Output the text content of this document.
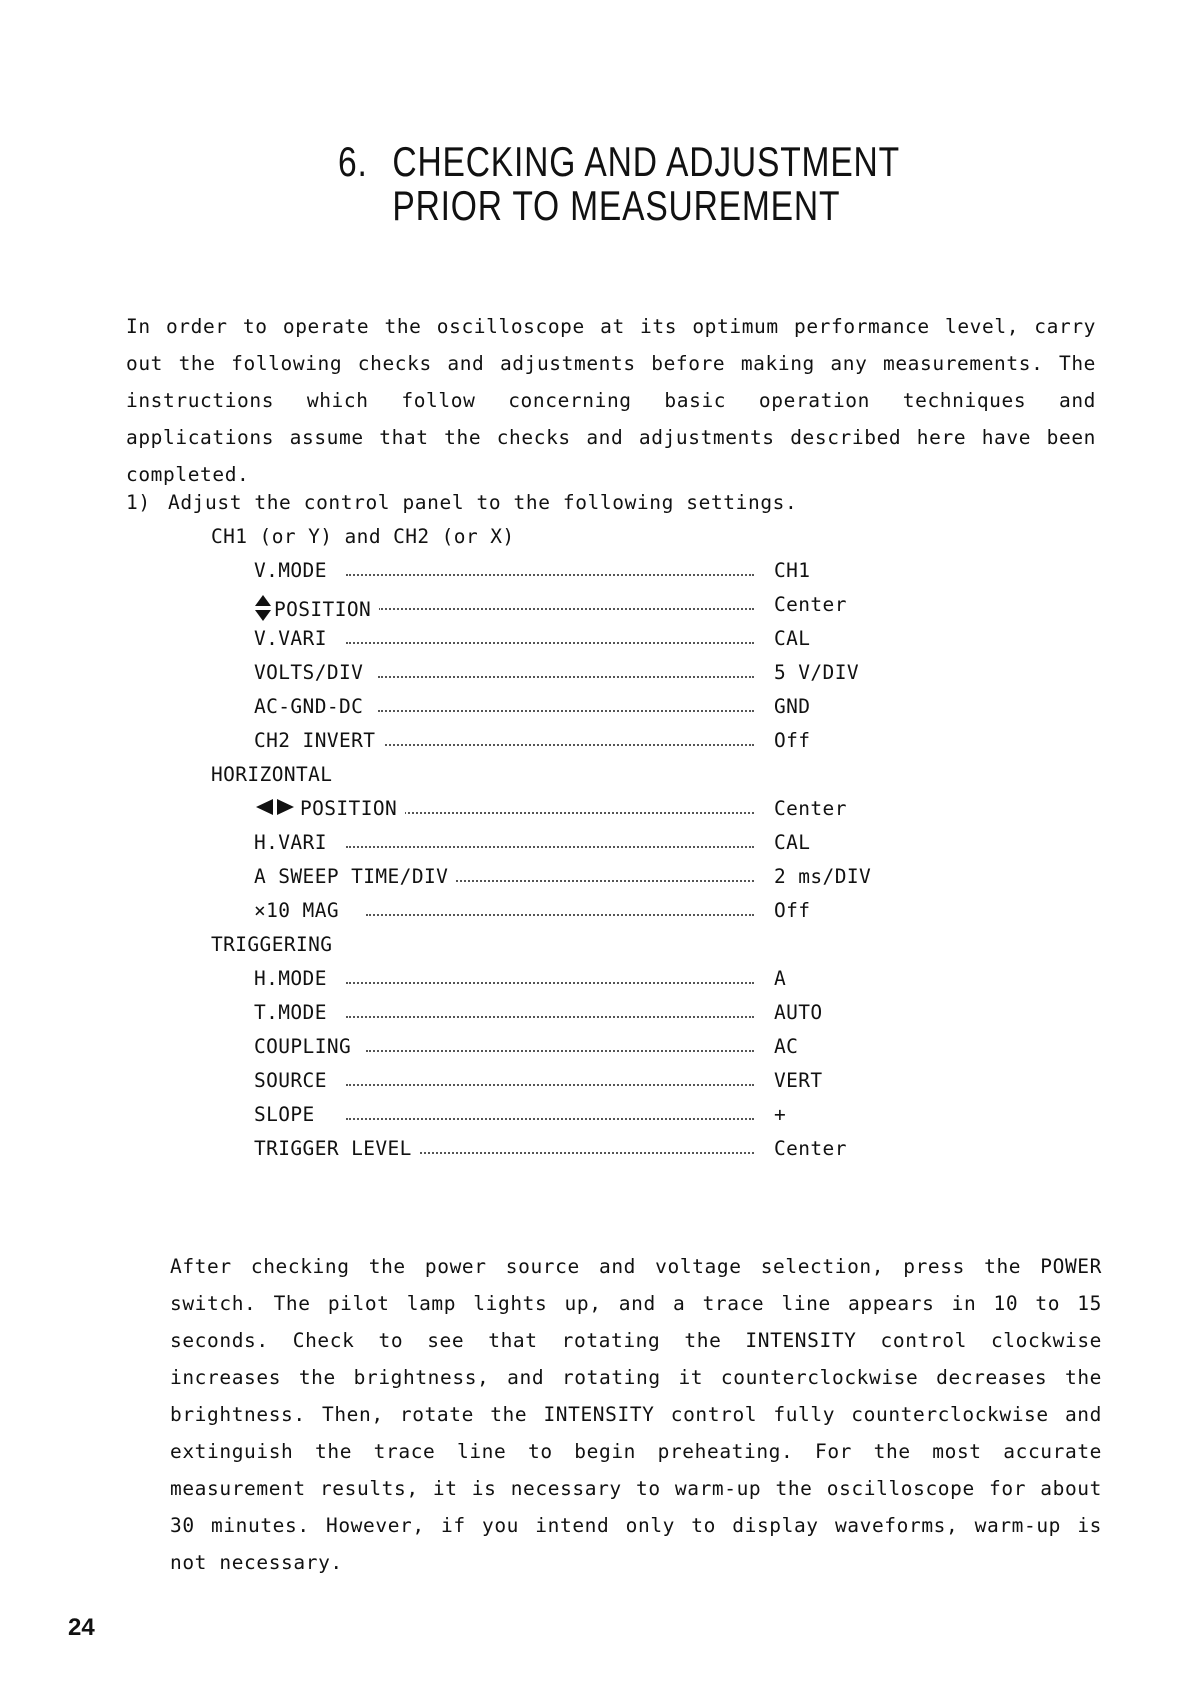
6. CHECKING AND ADJUSTMENT
PRIOR TO MEASUREMENT
In order to operate the oscilloscope at its optimum performance level, carry out the following checks and adjustments before making any measurements. The instructions which follow concerning basic operation techniques and applications assume that the checks and adjustments described here have been completed.
1) Adjust the control panel to the following settings.
CH1 (or Y) and CH2 (or X)
V.MODE	CH1
POSITION	Center
V.VARI	CAL
VOLTS/DIV	5 V/DIV
AC-GND-DC	GND
CH2 INVERT	Off
HORIZONTAL
POSITION	Center
H.VARI	CAL
A SWEEP TIME/DIV	2 ms/DIV
×10 MAG	Off
TRIGGERING
H.MODE	A
T.MODE	AUTO
COUPLING	AC
SOURCE	VERT
SLOPE	+
TRIGGER LEVEL	Center
After checking the power source and voltage selection, press the POWER switch. The pilot lamp lights up, and a trace line appears in 10 to 15 seconds. Check to see that rotating the INTENSITY control clockwise increases the brightness, and rotating it counterclockwise decreases the brightness. Then, rotate the INTENSITY control fully counterclockwise and extinguish the trace line to begin preheating. For the most accurate measurement results, it is necessary to warm-up the oscilloscope for about 30 minutes. However, if you intend only to display waveforms, warm-up is not necessary.
24
